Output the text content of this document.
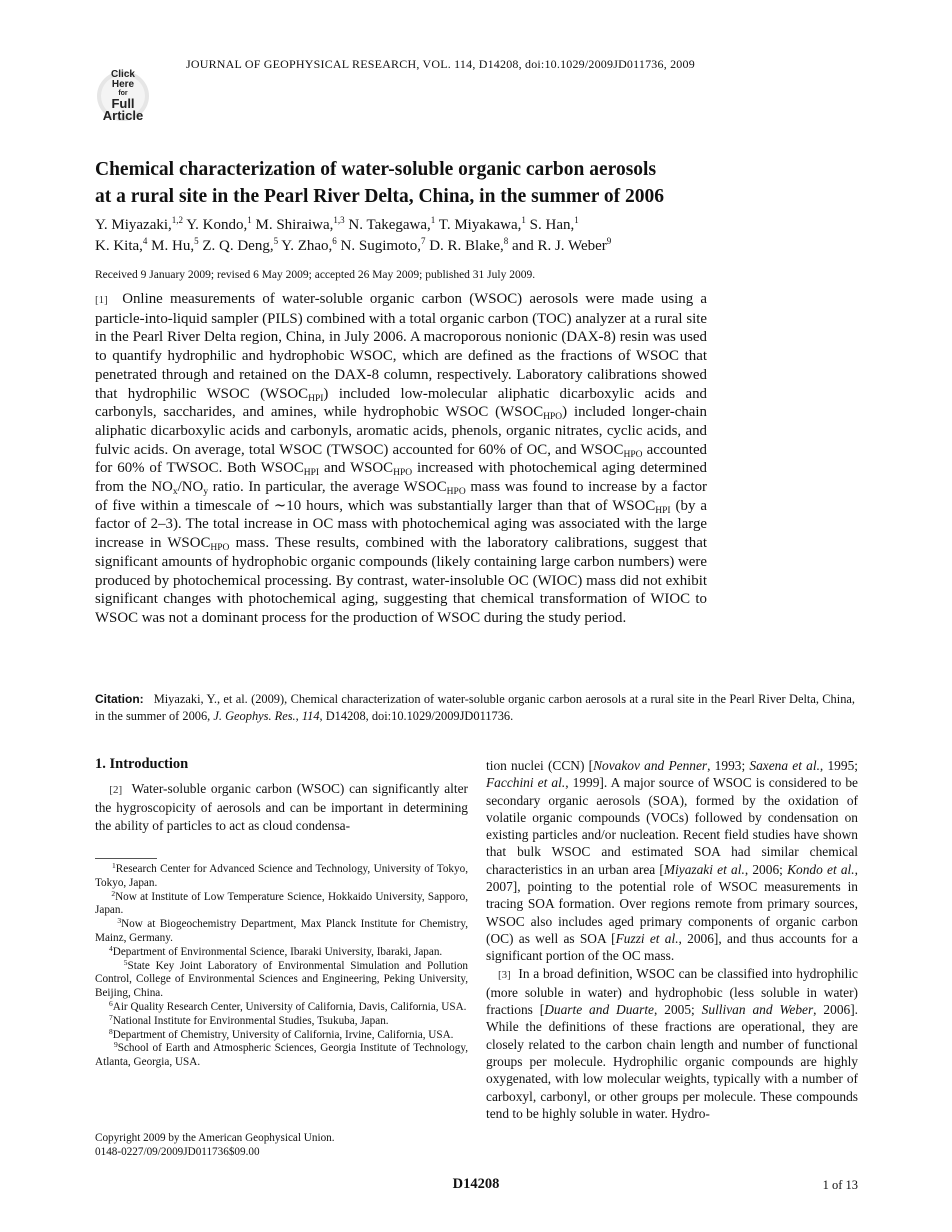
JOURNAL OF GEOPHYSICAL RESEARCH, VOL. 114, D14208, doi:10.1029/2009JD011736, 2009
Click
Here
for
Full
Article
Chemical characterization of water-soluble organic carbon aerosols
at a rural site in the Pearl River Delta, China, in the summer of 2006
Y. Miyazaki,$^{1,2}$ Y. Kondo,$^1$ M. Shiraiwa,$^{1,3}$ N. Takegawa,$^1$ T. Miyakawa,$^1$ S. Han,$^1$
K. Kita,$^4$ M. Hu,$^5$ Z. Q. Deng,$^5$ Y. Zhao,$^6$ N. Sugimoto,$^7$ D. R. Blake,$^8$ and R. J. Weber$^9$
Received 9 January 2009; revised 6 May 2009; accepted 26 May 2009; published 31 July 2009.
[1] Online measurements of water-soluble organic carbon (WSOC) aerosols were made using a particle-into-liquid sampler (PILS) combined with a total organic carbon (TOC) analyzer at a rural site in the Pearl River Delta region, China, in July 2006. A macroporous nonionic (DAX-8) resin was used to quantify hydrophilic and hydrophobic WSOC, which are defined as the fractions of WSOC that penetrated through and retained on the DAX-8 column, respectively. Laboratory calibrations showed that hydrophilic WSOC $(WSOC_{HPI})$ included low-molecular aliphatic dicarboxylic acids and carbonyls, saccharides, and amines, while hydrophobic WSOC $(WSOC_{HPO})$ included longer-chain aliphatic dicarboxylic acids and carbonyls, aromatic acids, phenols, organic nitrates, cyclic acids, and fulvic acids. On average, total WSOC (TWSOC) accounted for 60% of OC, and $WSOC_{HPO}$ accounted for 60% of TWSOC. Both $WSOC_{HPI}$ and $WSOC_{HPO}$ increased with photochemical aging determined from the $NO_x/NO_y$ ratio. In particular, the average $WSOC_{HPO}$ mass was found to increase by a factor of five within a timescale of ∼10 hours, which was substantially larger than that of $WSOC_{HPI}$ (by a factor of 2–3). The total increase in OC mass with photochemical aging was associated with the large increase in $WSOC_{HPO}$ mass. These results, combined with the laboratory calibrations, suggest that significant amounts of hydrophobic organic compounds (likely containing large carbon numbers) were produced by photochemical processing. By contrast, water-insoluble OC (WIOC) mass did not exhibit significant changes with photochemical aging, suggesting that chemical transformation of WIOC to WSOC was not a dominant process for the production of WSOC during the study period.
Citation: Miyazaki, Y., et al. (2009), Chemical characterization of water-soluble organic carbon aerosols at a rural site in the Pearl River Delta, China, in the summer of 2006, J. Geophys. Res., 114, D14208, doi:10.1029/2009JD011736.
1. Introduction
[2] Water-soluble organic carbon (WSOC) can significantly alter the hygroscopicity of aerosols and can be important in determining the ability of particles to act as cloud condensa-

$^1$Research Center for Advanced Science and Technology, University of Tokyo, Tokyo, Japan.

$^2$Now at Institute of Low Temperature Science, Hokkaido University, Sapporo, Japan.

$^3$Now at Biogeochemistry Department, Max Planck Institute for Chemistry, Mainz, Germany.

$^4$Department of Environmental Science, Ibaraki University, Ibaraki, Japan.

$^5$State Key Joint Laboratory of Environmental Simulation and Pollution Control, College of Environmental Sciences and Engineering, Peking University, Beijing, China.

$^6$Air Quality Research Center, University of California, Davis, California, USA.

$^7$National Institute for Environmental Studies, Tsukuba, Japan.

$^8$Department of Chemistry, University of California, Irvine, California, USA.

$^9$School of Earth and Atmospheric Sciences, Georgia Institute of Technology, Atlanta, Georgia, USA.

Copyright 2009 by the American Geophysical Union.
0148-0227/09/2009JD011736$09.00

tion nuclei (CCN) [Novakov and Penner, 1993; Saxena et al., 1995; Facchini et al., 1999]. A major source of WSOC is considered to be secondary organic aerosols (SOA), formed by the oxidation of volatile organic compounds (VOCs) followed by condensation on existing particles and/or nucleation. Recent field studies have shown that bulk WSOC and estimated SOA had similar chemical characteristics in an urban area [Miyazaki et al., 2006; Kondo et al., 2007], pointing to the potential role of WSOC measurements in tracing SOA formation. Over regions remote from primary sources, WSOC also includes aged primary components of organic carbon (OC) as well as SOA [Fuzzi et al., 2006], and thus accounts for a significant portion of the OC mass.

[3] In a broad definition, WSOC can be classified into hydrophilic (more soluble in water) and hydrophobic (less soluble in water) fractions [Duarte and Duarte, 2005; Sullivan and Weber, 2006]. While the definitions of these fractions are operational, they are closely related to the carbon chain length and number of functional groups per molecule. Hydrophilic organic compounds are highly oxygenated, with low molecular weights, typically with a number of carboxyl, carbonyl, or other groups per molecule. These compounds tend to be highly soluble in water. Hydro-

D14208	1 of 13
